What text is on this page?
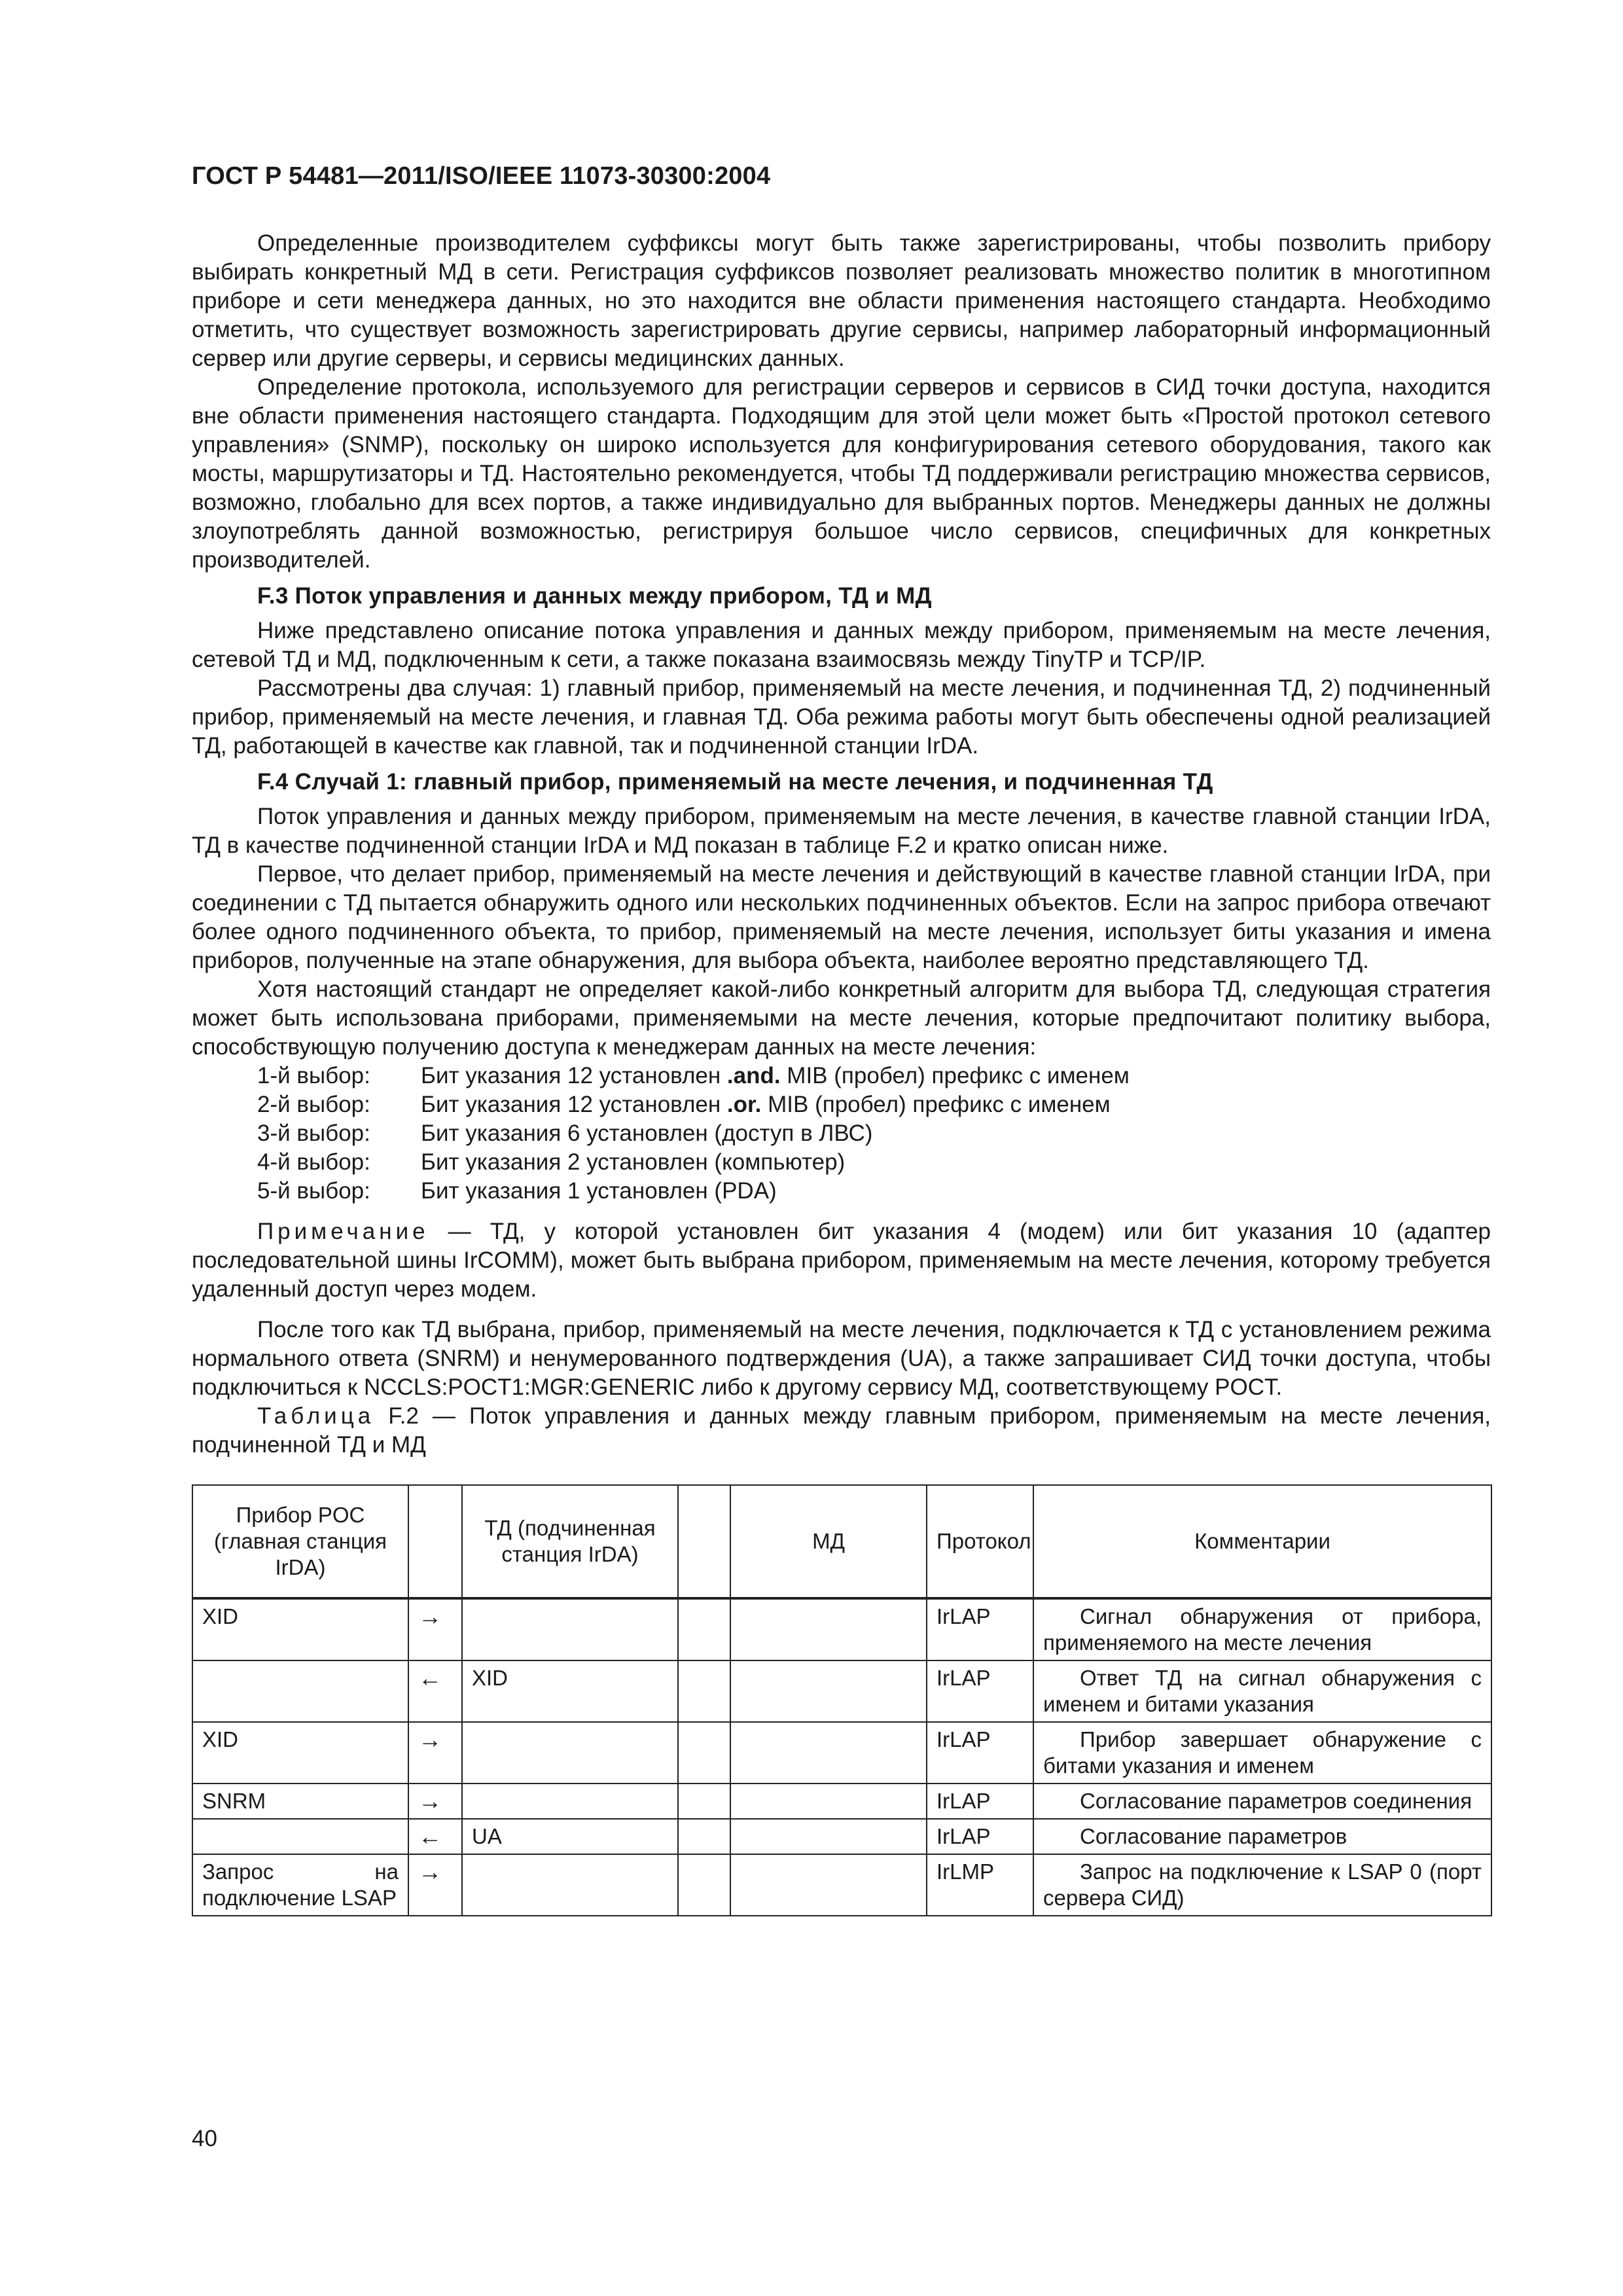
ГОСТ Р 54481—2011/ISO/IEEE 11073-30300:2004

Определенные производителем суффиксы могут быть также зарегистрированы, чтобы позволить прибору выбирать конкретный МД в сети. Регистрация суффиксов позволяет реализовать множество политик в многотипном приборе и сети менеджера данных, но это находится вне области применения настоящего стандарта. Необходимо отметить, что существует возможность зарегистрировать другие сервисы, например лабораторный информационный сервер или другие серверы, и сервисы медицинских данных.

Определение протокола, используемого для регистрации серверов и сервисов в СИД точки доступа, находится вне области применения настоящего стандарта. Подходящим для этой цели может быть «Простой протокол сетевого управления» (SNMP), поскольку он широко используется для конфигурирования сетевого оборудования, такого как мосты, маршрутизаторы и ТД. Настоятельно рекомендуется, чтобы ТД поддерживали регистрацию множества сервисов, возможно, глобально для всех портов, а также индивидуально для выбранных портов. Менеджеры данных не должны злоупотреблять данной возможностью, регистрируя большое число сервисов, специфичных для конкретных производителей.

F.3 Поток управления и данных между прибором, ТД и МД

Ниже представлено описание потока управления и данных между прибором, применяемым на месте лечения, сетевой ТД и МД, подключенным к сети, а также показана взаимосвязь между TinyTP и TCP/IP.

Рассмотрены два случая: 1) главный прибор, применяемый на месте лечения, и подчиненная ТД, 2) подчиненный прибор, применяемый на месте лечения, и главная ТД. Оба режима работы могут быть обеспечены одной реализацией ТД, работающей в качестве как главной, так и подчиненной станции IrDA.

F.4 Случай 1: главный прибор, применяемый на месте лечения, и подчиненная ТД

Поток управления и данных между прибором, применяемым на месте лечения, в качестве главной станции IrDA, ТД в качестве подчиненной станции IrDA и МД показан в таблице F.2 и кратко описан ниже.

Первое, что делает прибор, применяемый на месте лечения и действующий в качестве главной станции IrDA, при соединении с ТД пытается обнаружить одного или нескольких подчиненных объектов. Если на запрос прибора отвечают более одного подчиненного объекта, то прибор, применяемый на месте лечения, использует биты указания и имена приборов, полученные на этапе обнаружения, для выбора объекта, наиболее вероятно представляющего ТД.

Хотя настоящий стандарт не определяет какой-либо конкретный алгоритм для выбора ТД, следующая стратегия может быть использована приборами, применяемыми на месте лечения, которые предпочитают политику выбора, способствующую получению доступа к менеджерам данных на месте лечения:

1-й выбор:	Бит указания 12 установлен .and. MIB (пробел) префикс с именем
2-й выбор:	Бит указания 12 установлен .or. MIB (пробел) префикс с именем
3-й выбор:	Бит указания 6 установлен (доступ в ЛВС)
4-й выбор:	Бит указания 2 установлен (компьютер)
5-й выбор:	Бит указания 1 установлен (PDA)

Примечание — ТД, у которой установлен бит указания 4 (модем) или бит указания 10 (адаптер последовательной шины IrCOMM), может быть выбрана прибором, применяемым на месте лечения, которому требуется удаленный доступ через модем.

После того как ТД выбрана, прибор, применяемый на месте лечения, подключается к ТД с установлением режима нормального ответа (SNRM) и ненумерованного подтверждения (UA), а также запрашивает СИД точки доступа, чтобы подключиться к NCCLS:POCT1:MGR:GENERIC либо к другому сервису МД, соответствующему POCT.

Таблица F.2 — Поток управления и данных между главным прибором, применяемым на месте лечения, подчиненной ТД и МД

Прибор POC (главная станция IrDA)		ТД (подчиненная станция IrDA)		МД	Протокол	Комментарии
XID	→				IrLAP	Сигнал обнаружения от прибора, применяемого на месте лечения
	←	XID			IrLAP	Ответ ТД на сигнал обнаружения с именем и битами указания
XID	→				IrLAP	Прибор завершает обнаружение с битами указания и именем
SNRM	→				IrLAP	Согласование параметров соединения
	←	UA			IrLAP	Согласование параметров
Запрос на подключение LSAP	→				IrLMP	Запрос на подключение к LSAP 0 (порт сервера СИД)
40
